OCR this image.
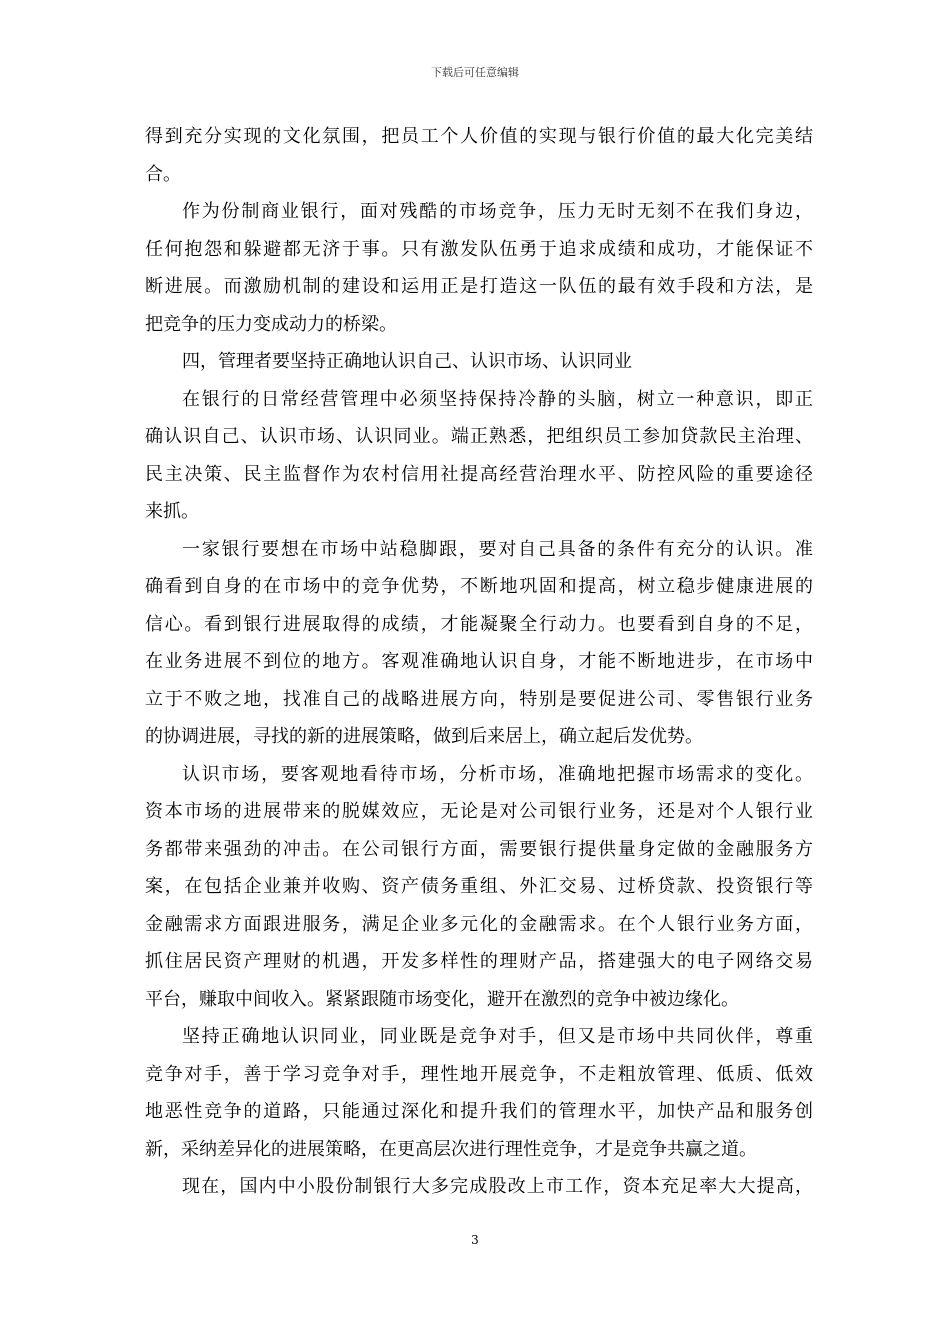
下载后可任意编辑
得到充分实现的文化氛围，把员工个人价值的实现与银行价值的最大化完美结
合。
作为份制商业银行，面对残酷的市场竞争，压力无时无刻不在我们身边，
任何抱怨和躲避都无济于事。只有激发队伍勇于追求成绩和成功，才能保证不
断进展。而激励机制的建设和运用正是打造这一队伍的最有效手段和方法，是
把竞争的压力变成动力的桥梁。
四，管理者要坚持正确地认识自己、认识市场、认识同业
在银行的日常经营管理中必须坚持保持冷静的头脑，树立一种意识，即正
确认识自己、认识市场、认识同业。端正熟悉，把组织员工参加贷款民主治理、
民主决策、民主监督作为农村信用社提高经营治理水平、防控风险的重要途径
来抓。
一家银行要想在市场中站稳脚跟，要对自己具备的条件有充分的认识。准
确看到自身的在市场中的竞争优势，不断地巩固和提高，树立稳步健康进展的
信心。看到银行进展取得的成绩，才能凝聚全行动力。也要看到自身的不足，
在业务进展不到位的地方。客观准确地认识自身，才能不断地进步，在市场中
立于不败之地，找准自己的战略进展方向，特别是要促进公司、零售银行业务
的协调进展，寻找的新的进展策略，做到后来居上，确立起后发优势。
认识市场，要客观地看待市场，分析市场，准确地把握市场需求的变化。
资本市场的进展带来的脱媒效应，无论是对公司银行业务，还是对个人银行业
务都带来强劲的冲击。在公司银行方面，需要银行提供量身定做的金融服务方
案，在包括企业兼并收购、资产债务重组、外汇交易、过桥贷款、投资银行等
金融需求方面跟进服务，满足企业多元化的金融需求。在个人银行业务方面，
抓住居民资产理财的机遇，开发多样性的理财产品，搭建强大的电子网络交易
平台，赚取中间收入。紧紧跟随市场变化，避开在激烈的竞争中被边缘化。
坚持正确地认识同业，同业既是竞争对手，但又是市场中共同伙伴，尊重
竞争对手，善于学习竞争对手，理性地开展竞争，不走粗放管理、低质、低效
地恶性竞争的道路，只能通过深化和提升我们的管理水平，加快产品和服务创
新，采纳差异化的进展策略，在更高层次进行理性竞争，才是竞争共赢之道。
现在，国内中小股份制银行大多完成股改上市工作，资本充足率大大提高，
3
